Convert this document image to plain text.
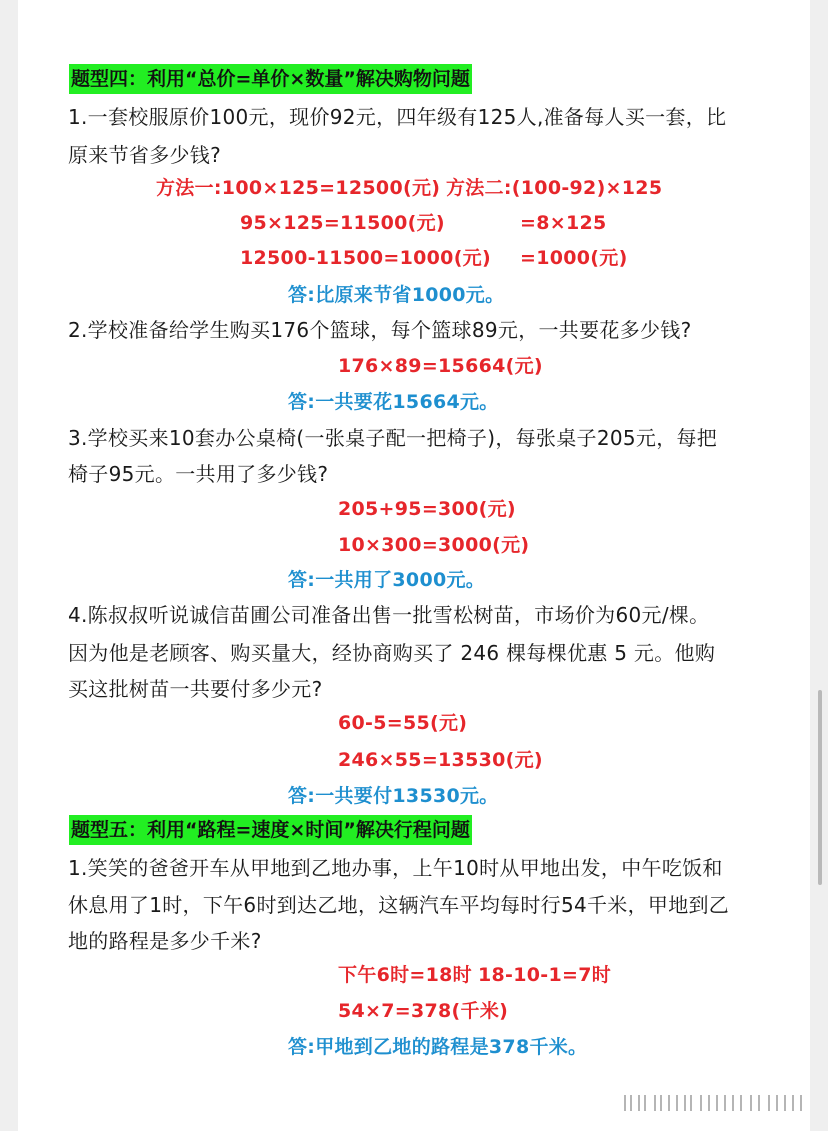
题型四：利用“总价=单价×数量”解决购物问题
1.一套校服原价100元，现价92元，四年级有125人,准备每人买一套，比
原来节省多少钱?
方法一:100×125=12500(元) 方法二:(100-92)×125
95×125=11500(元)	=8×125
12500-11500=1000(元) =1000(元)
答:比原来节省1000元。
2.学校准备给学生购买176个篮球，每个篮球89元，一共要花多少钱?
176×89=15664(元)
答:一共要花15664元。
3.学校买来10套办公桌椅(一张桌子配一把椅子)，每张桌子205元，每把
椅子95元。一共用了多少钱?
205+95=300(元)
10×300=3000(元)
答:一共用了3000元。
4.陈叔叔听说诚信苗圃公司准备出售一批雪松树苗，市场价为60元/棵。
因为他是老顾客、购买量大，经协商购买了 246 棵每棵优惠 5 元。他购
买这批树苗一共要付多少元?
60-5=55(元)
246×55=13530(元)
答:一共要付13530元。
题型五：利用“路程=速度×时间”解决行程问题
1.笑笑的爸爸开车从甲地到乙地办事，上午10时从甲地出发，中午吃饭和
休息用了1时，下午6时到达乙地，这辆汽车平均每时行54千米，甲地到乙
地的路程是多少千米?
下午6时=18时 18-10-1=7时
54×7=378(千米)
答:甲地到乙地的路程是378千米。
